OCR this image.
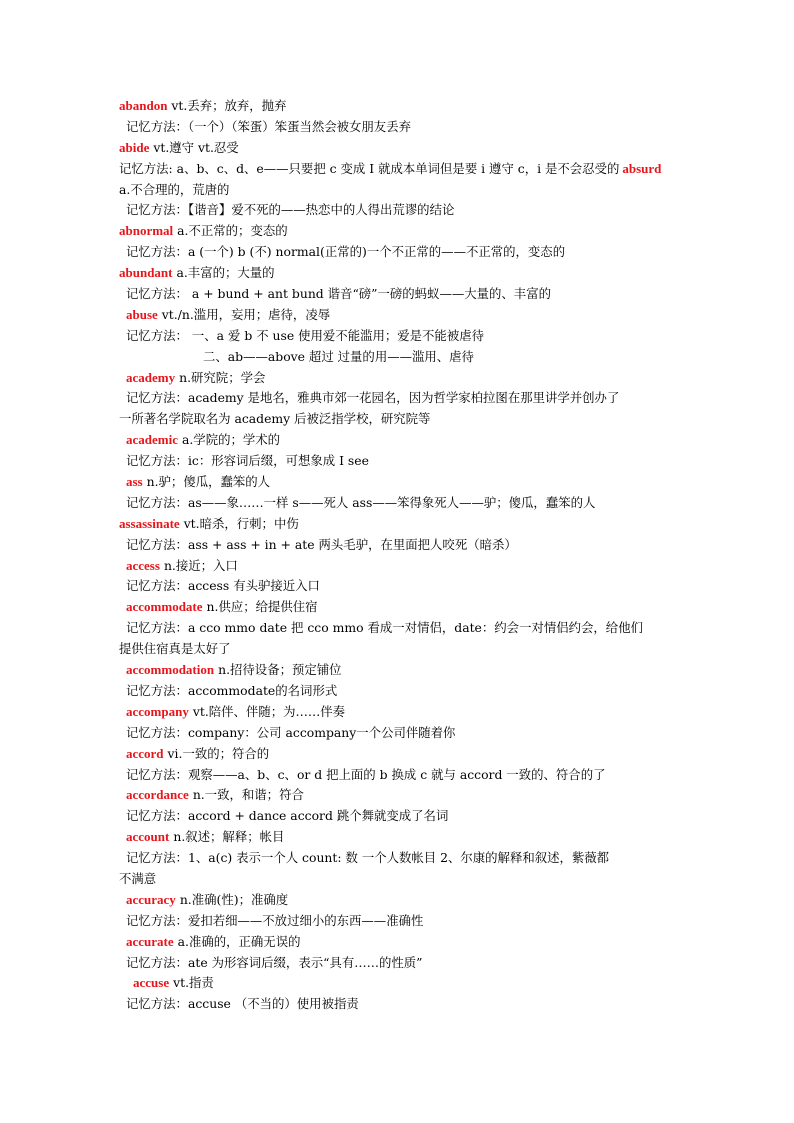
abandon vt.丢弃；放弃，抛弃
记忆方法：（一个）（笨蛋）笨蛋当然会被女朋友丢弃
abide vt.遵守 vt.忍受
记忆方法: a、b、c、d、e——只要把 c 变成 I 就成本单词但是要 i 遵守 c，i 是不会忍受的 absurd
a.不合理的，荒唐的
记忆方法：【谐音】爱不死的——热恋中的人得出荒谬的结论
abnormal a.不正常的；变态的
记忆方法：a (一个) b (不) normal(正常的)一个不正常的——不正常的，变态的
abundant a.丰富的；大量的
记忆方法： a + bund + ant bund 谐音“磅”一磅的蚂蚁——大量的、丰富的
abuse vt./n.滥用，妄用；虐待，凌辱
记忆方法： 一、a 爱 b 不 use 使用爱不能滥用；爱是不能被虐待
二、ab——above 超过 过量的用——滥用、虐待
academy n.研究院；学会
记忆方法：academy 是地名，雅典市郊一花园名，因为哲学家柏拉图在那里讲学并创办了
一所著名学院取名为 academy 后被泛指学校，研究院等
academic a.学院的；学术的
记忆方法：ic：形容词后缀，可想象成 I see
ass n.驴；傻瓜，蠢笨的人
记忆方法：as——象……一样 s——死人 ass——笨得象死人——驴；傻瓜，蠢笨的人
assassinate vt.暗杀，行刺；中伤
记忆方法：ass + ass + in + ate 两头毛驴，在里面把人咬死（暗杀）
access n.接近；入口
记忆方法：access 有头驴接近入口
accommodate n.供应；给提供住宿
记忆方法：a cco mmo date 把 cco mmo 看成一对情侣，date：约会一对情侣约会，给他们
提供住宿真是太好了
accommodation n.招待设备；预定铺位
记忆方法：accommodate的名词形式
accompany vt.陪伴、伴随；为……伴奏
记忆方法：company：公司 accompany一个公司伴随着你
accord vi.一致的；符合的
记忆方法：观察——a、b、c、or d 把上面的 b 换成 c 就与 accord 一致的、符合的了
accordance n.一致，和谐；符合
记忆方法：accord + dance accord 跳个舞就变成了名词
account n.叙述；解释；帐目
记忆方法：1、a(c) 表示一个人 count: 数 一个人数帐目 2、尔康的解释和叙述，紫薇都
不满意
accuracy n.准确(性)；准确度
记忆方法：爱扣若细——不放过细小的东西——准确性
accurate a.准确的，正确无误的
记忆方法：ate 为形容词后缀，表示“具有……的性质”
accuse vt.指责
记忆方法：accuse （不当的）使用被指责
